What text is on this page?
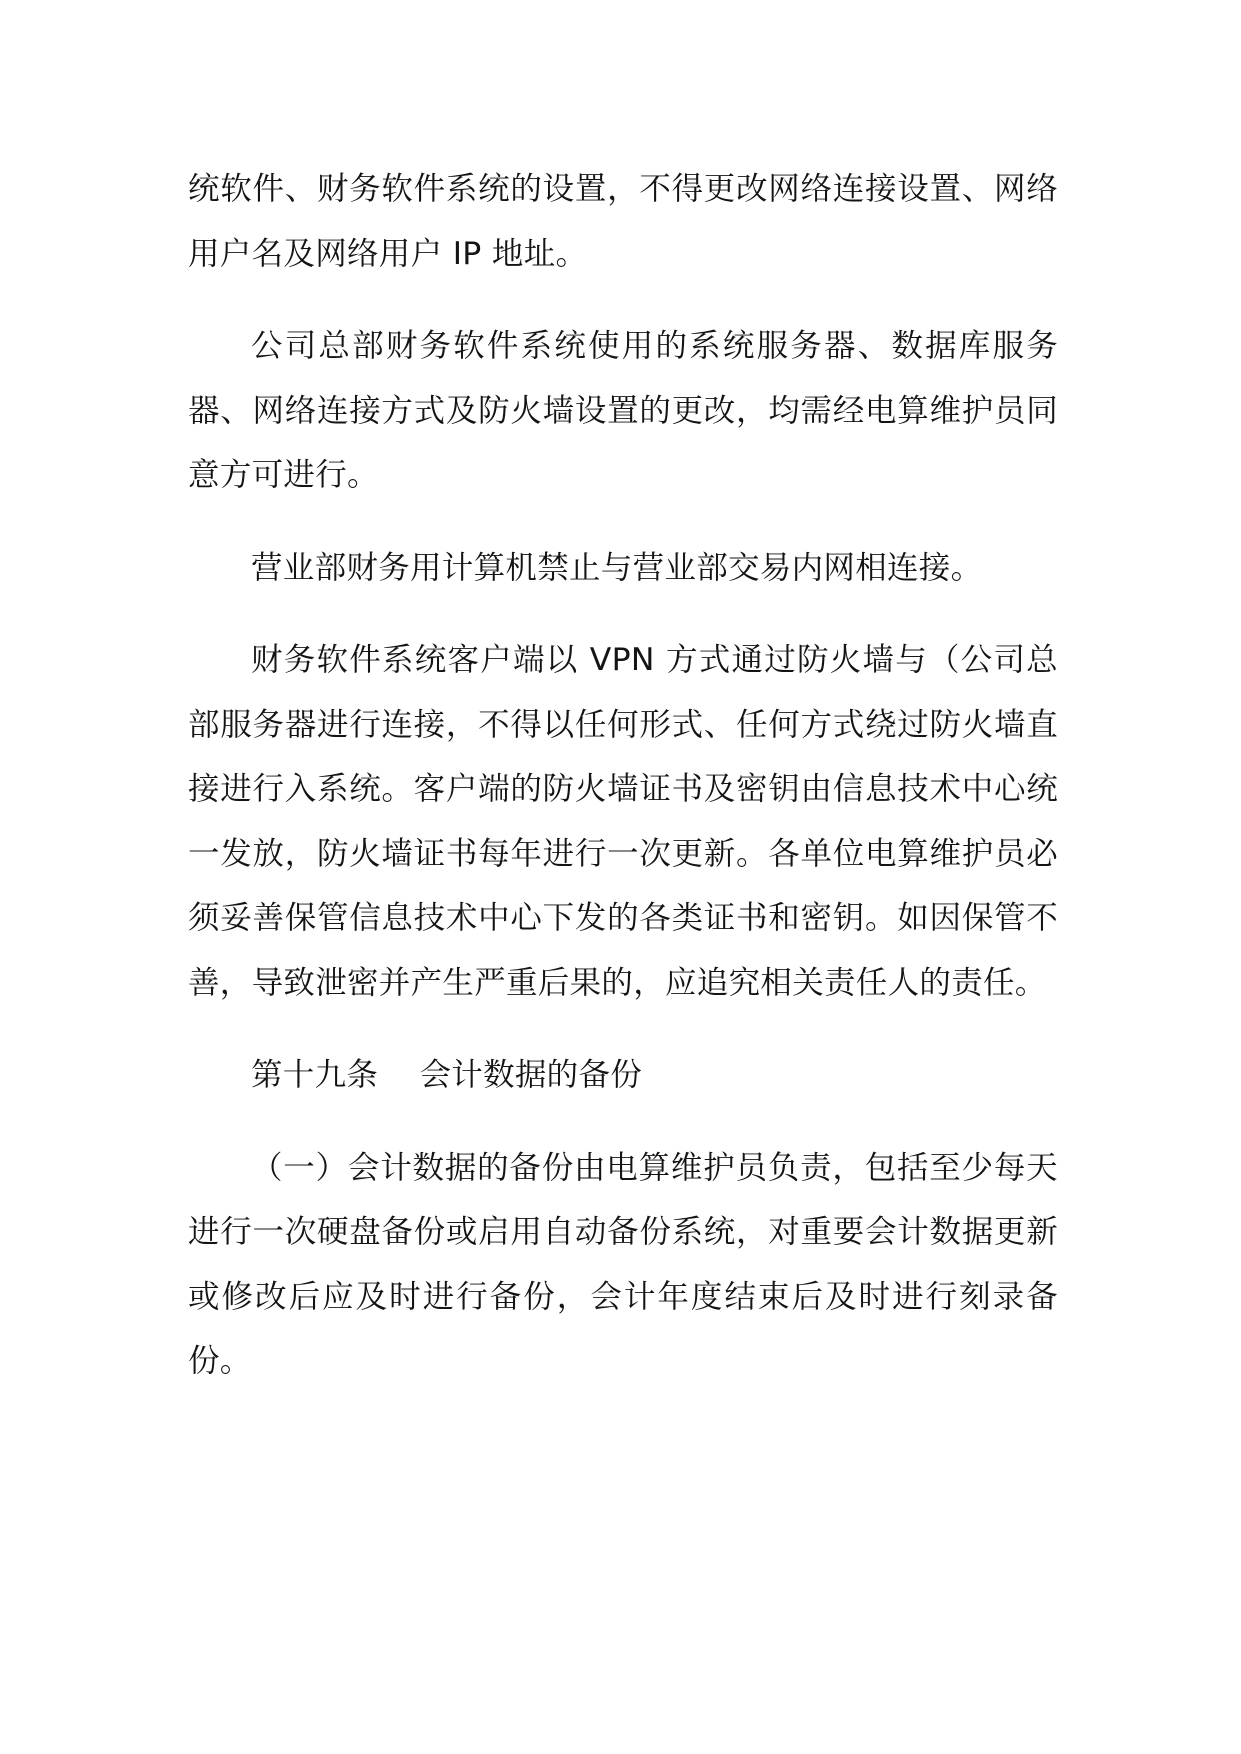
统软件、财务软件系统的设置，不得更改网络连接设置、网络用户名及网络用户 IP 地址。

公司总部财务软件系统使用的系统服务器、数据库服务器、网络连接方式及防火墙设置的更改，均需经电算维护员同意方可进行。

营业部财务用计算机禁止与营业部交易内网相连接。

财务软件系统客户端以 VPN 方式通过防火墙与（公司总部服务器进行连接，不得以任何形式、任何方式绕过防火墙直接进行入系统。客户端的防火墙证书及密钥由信息技术中心统一发放，防火墙证书每年进行一次更新。各单位电算维护员必须妥善保管信息技术中心下发的各类证书和密钥。如因保管不善，导致泄密并产生严重后果的，应追究相关责任人的责任。

第十九条 会计数据的备份

（一）会计数据的备份由电算维护员负责，包括至少每天进行一次硬盘备份或启用自动备份系统，对重要会计数据更新或修改后应及时进行备份，会计年度结束后及时进行刻录备份。
